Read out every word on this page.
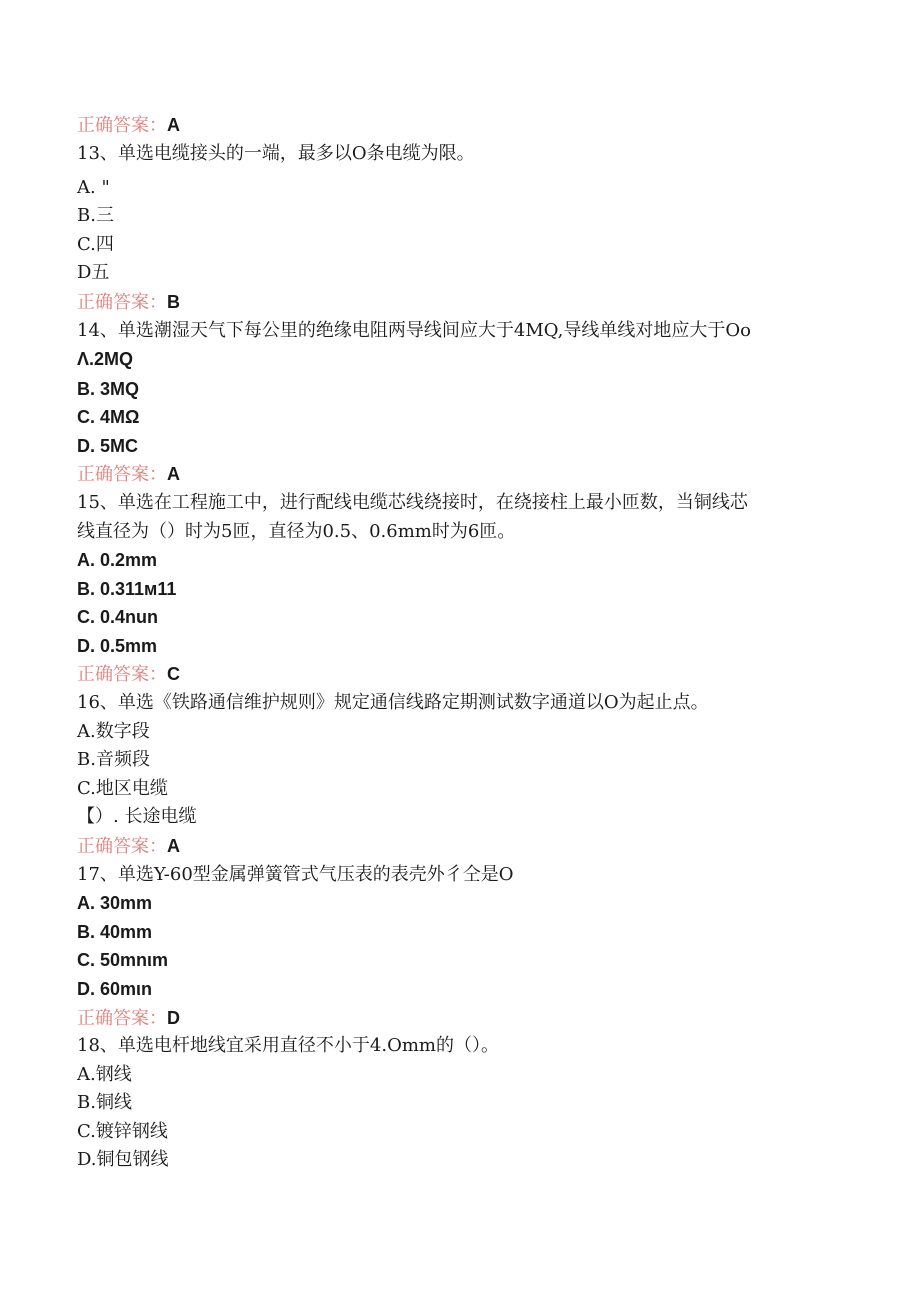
正确答案：A
13、单选电缆接头的一端，最多以O条电缆为限。
A. "
B.三
C.四
D五
正确答案：B
14、单选潮湿天气下每公里的绝缘电阻两导线间应大于4MQ,导线单线对地应大于Oo
Λ.2MQ
B. 3MQ
C. 4MΩ
D. 5MC
正确答案：A
15、单选在工程施工中，进行配线电缆芯线绕接时，在绕接柱上最小匝数，当铜线芯
线直径为（）时为5匝，直径为0.5、0.6mm时为6匝。
A. 0.2mm
B. 0.311ᴍ11
C. 0.4nun
D. 0.5mm
正确答案：C
16、单选《铁路通信维护规则》规定通信线路定期测试数字通道以O为起止点。
A.数字段
B.音频段
C.地区电缆
【）. 长途电缆
正确答案：A
17、单选Y-60型金属弹簧管式气压表的表壳外彳仝是O
A. 30mm
B. 40mm
C. 50mnιm
D. 60mιn
正确答案：D
18、单选电杆地线宜采用直径不小于4.Omm的（）。
A.钢线
B.铜线
C.镀锌钢线
D.铜包钢线
